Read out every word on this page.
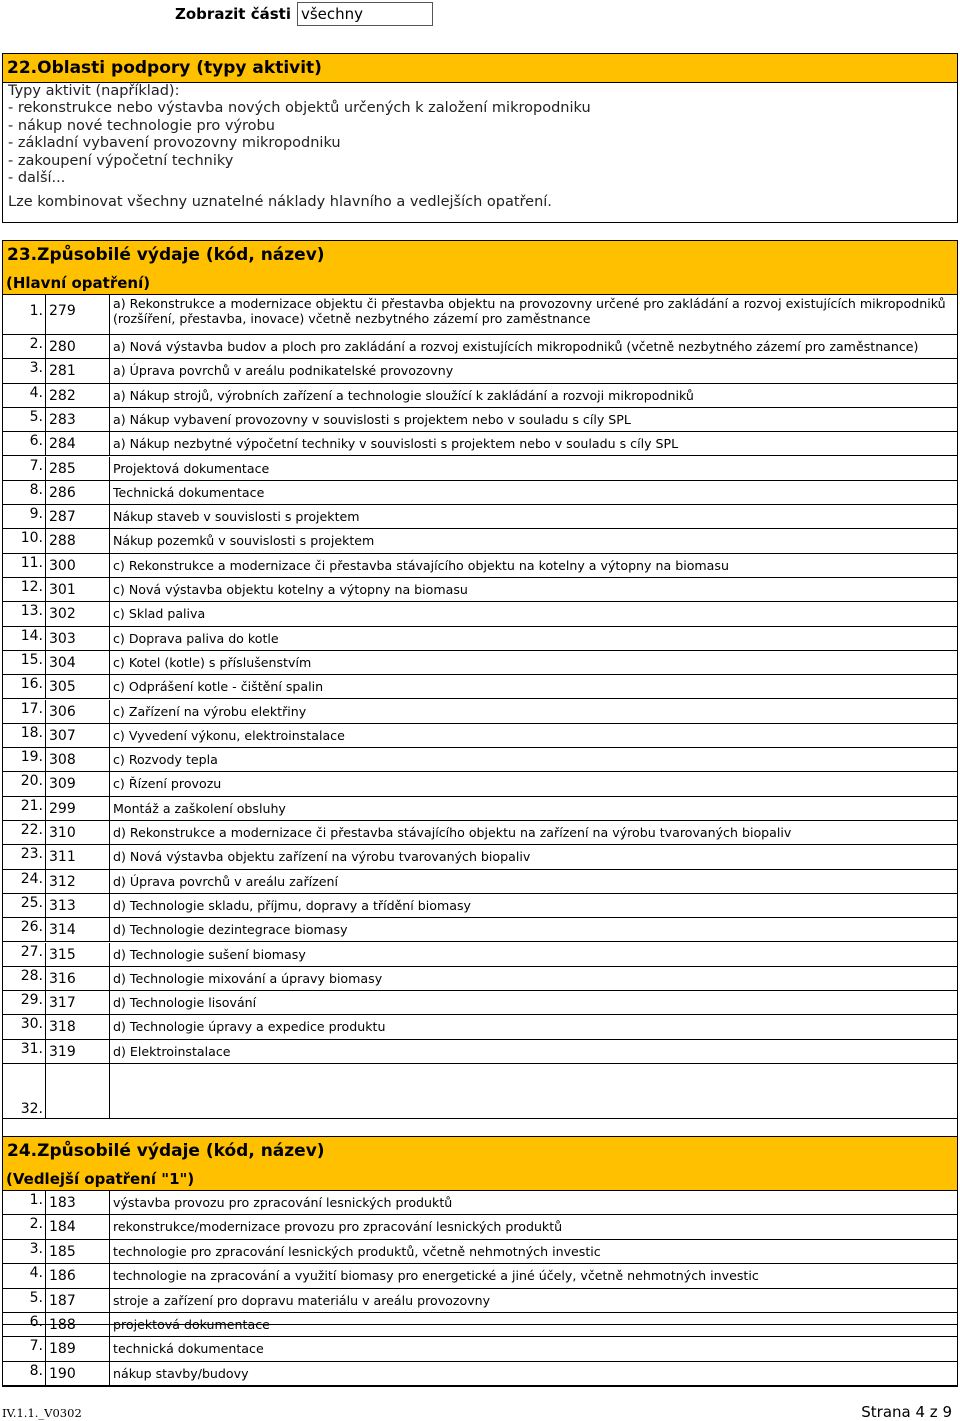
Zobrazit části všechny
22.Oblasti podpory (typy aktivit)
Typy aktivit (například):
- rekonstrukce nebo výstavba nových objektů určených k založení mikropodniku
- nákup nové technologie pro výrobu
- základní vybavení provozovny mikropodniku
- zakoupení výpočetní techniky
- další...
Lze kombinovat všechny uznatelné náklady hlavního a vedlejších opatření.
23.Způsobilé výdaje (kód, název)
(Hlavní opatření)
1. 279	a) Rekonstrukce a modernizace objektu či přestavba objektu na provozovny určené pro zakládání a rozvoj existujících mikropodniků
(rozšíření, přestavba, inovace) včetně nezbytného zázemí pro zaměstnance
2. 280	a) Nová výstavba budov a ploch pro zakládání a rozvoj existujících mikropodniků (včetně nezbytného zázemí pro zaměstnance)
3. 281	a) Úprava povrchů v areálu podnikatelské provozovny
4. 282	a) Nákup strojů, výrobních zařízení a technologie sloužící k zakládání a rozvoji mikropodniků
5. 283	a) Nákup vybavení provozovny v souvislosti s projektem nebo v souladu s cíly SPL
6. 284	a) Nákup nezbytné výpočetní techniky v souvislosti s projektem nebo v souladu s cíly SPL
7. 285	Projektová dokumentace
8. 286	Technická dokumentace
9. 287	Nákup staveb v souvislosti s projektem
10. 288	Nákup pozemků v souvislosti s projektem
11. 300	c) Rekonstrukce a modernizace či přestavba stávajícího objektu na kotelny a výtopny na biomasu
12. 301	c) Nová výstavba objektu kotelny a výtopny na biomasu
13. 302	c) Sklad paliva
14. 303	c) Doprava paliva do kotle
15. 304	c) Kotel (kotle) s příslušenstvím
16. 305	c) Odprášení kotle - čištění spalin
17. 306	c) Zařízení na výrobu elektřiny
18. 307	c) Vyvedení výkonu, elektroinstalace
19. 308	c) Rozvody tepla
20. 309	c) Řízení provozu
21. 299	Montáž a zaškolení obsluhy
22. 310	d) Rekonstrukce a modernizace či přestavba stávajícího objektu na zařízení na výrobu tvarovaných biopaliv
23. 311	d) Nová výstavba objektu zařízení na výrobu tvarovaných biopaliv
24. 312	d) Úprava povrchů v areálu zařízení
25. 313	d) Technologie skladu, příjmu, dopravy a třídění biomasy
26. 314	d) Technologie dezintegrace biomasy
27. 315	d) Technologie sušení biomasy
28. 316	d) Technologie mixování a úpravy biomasy
29. 317	d) Technologie lisování
30. 318	d) Technologie úpravy a expedice produktu
31. 319	d) Elektroinstalace
32.
24.Způsobilé výdaje (kód, název)
(Vedlejší opatření "1")
1. 183	výstavba provozu pro zpracování lesnických produktů
2. 184	rekonstrukce/modernizace provozu pro zpracování lesnických produktů
3. 185	technologie pro zpracování lesnických produktů, včetně nehmotných investic
4. 186	technologie na zpracování a využití biomasy pro energetické a jiné účely, včetně nehmotných investic
5. 187	stroje a zařízení pro dopravu materiálu v areálu provozovny
6. 188	projektová dokumentace
7. 189	technická dokumentace
8. 190	nákup stavby/budovy
IV.1.1._V0302	Strana 4 z 9
